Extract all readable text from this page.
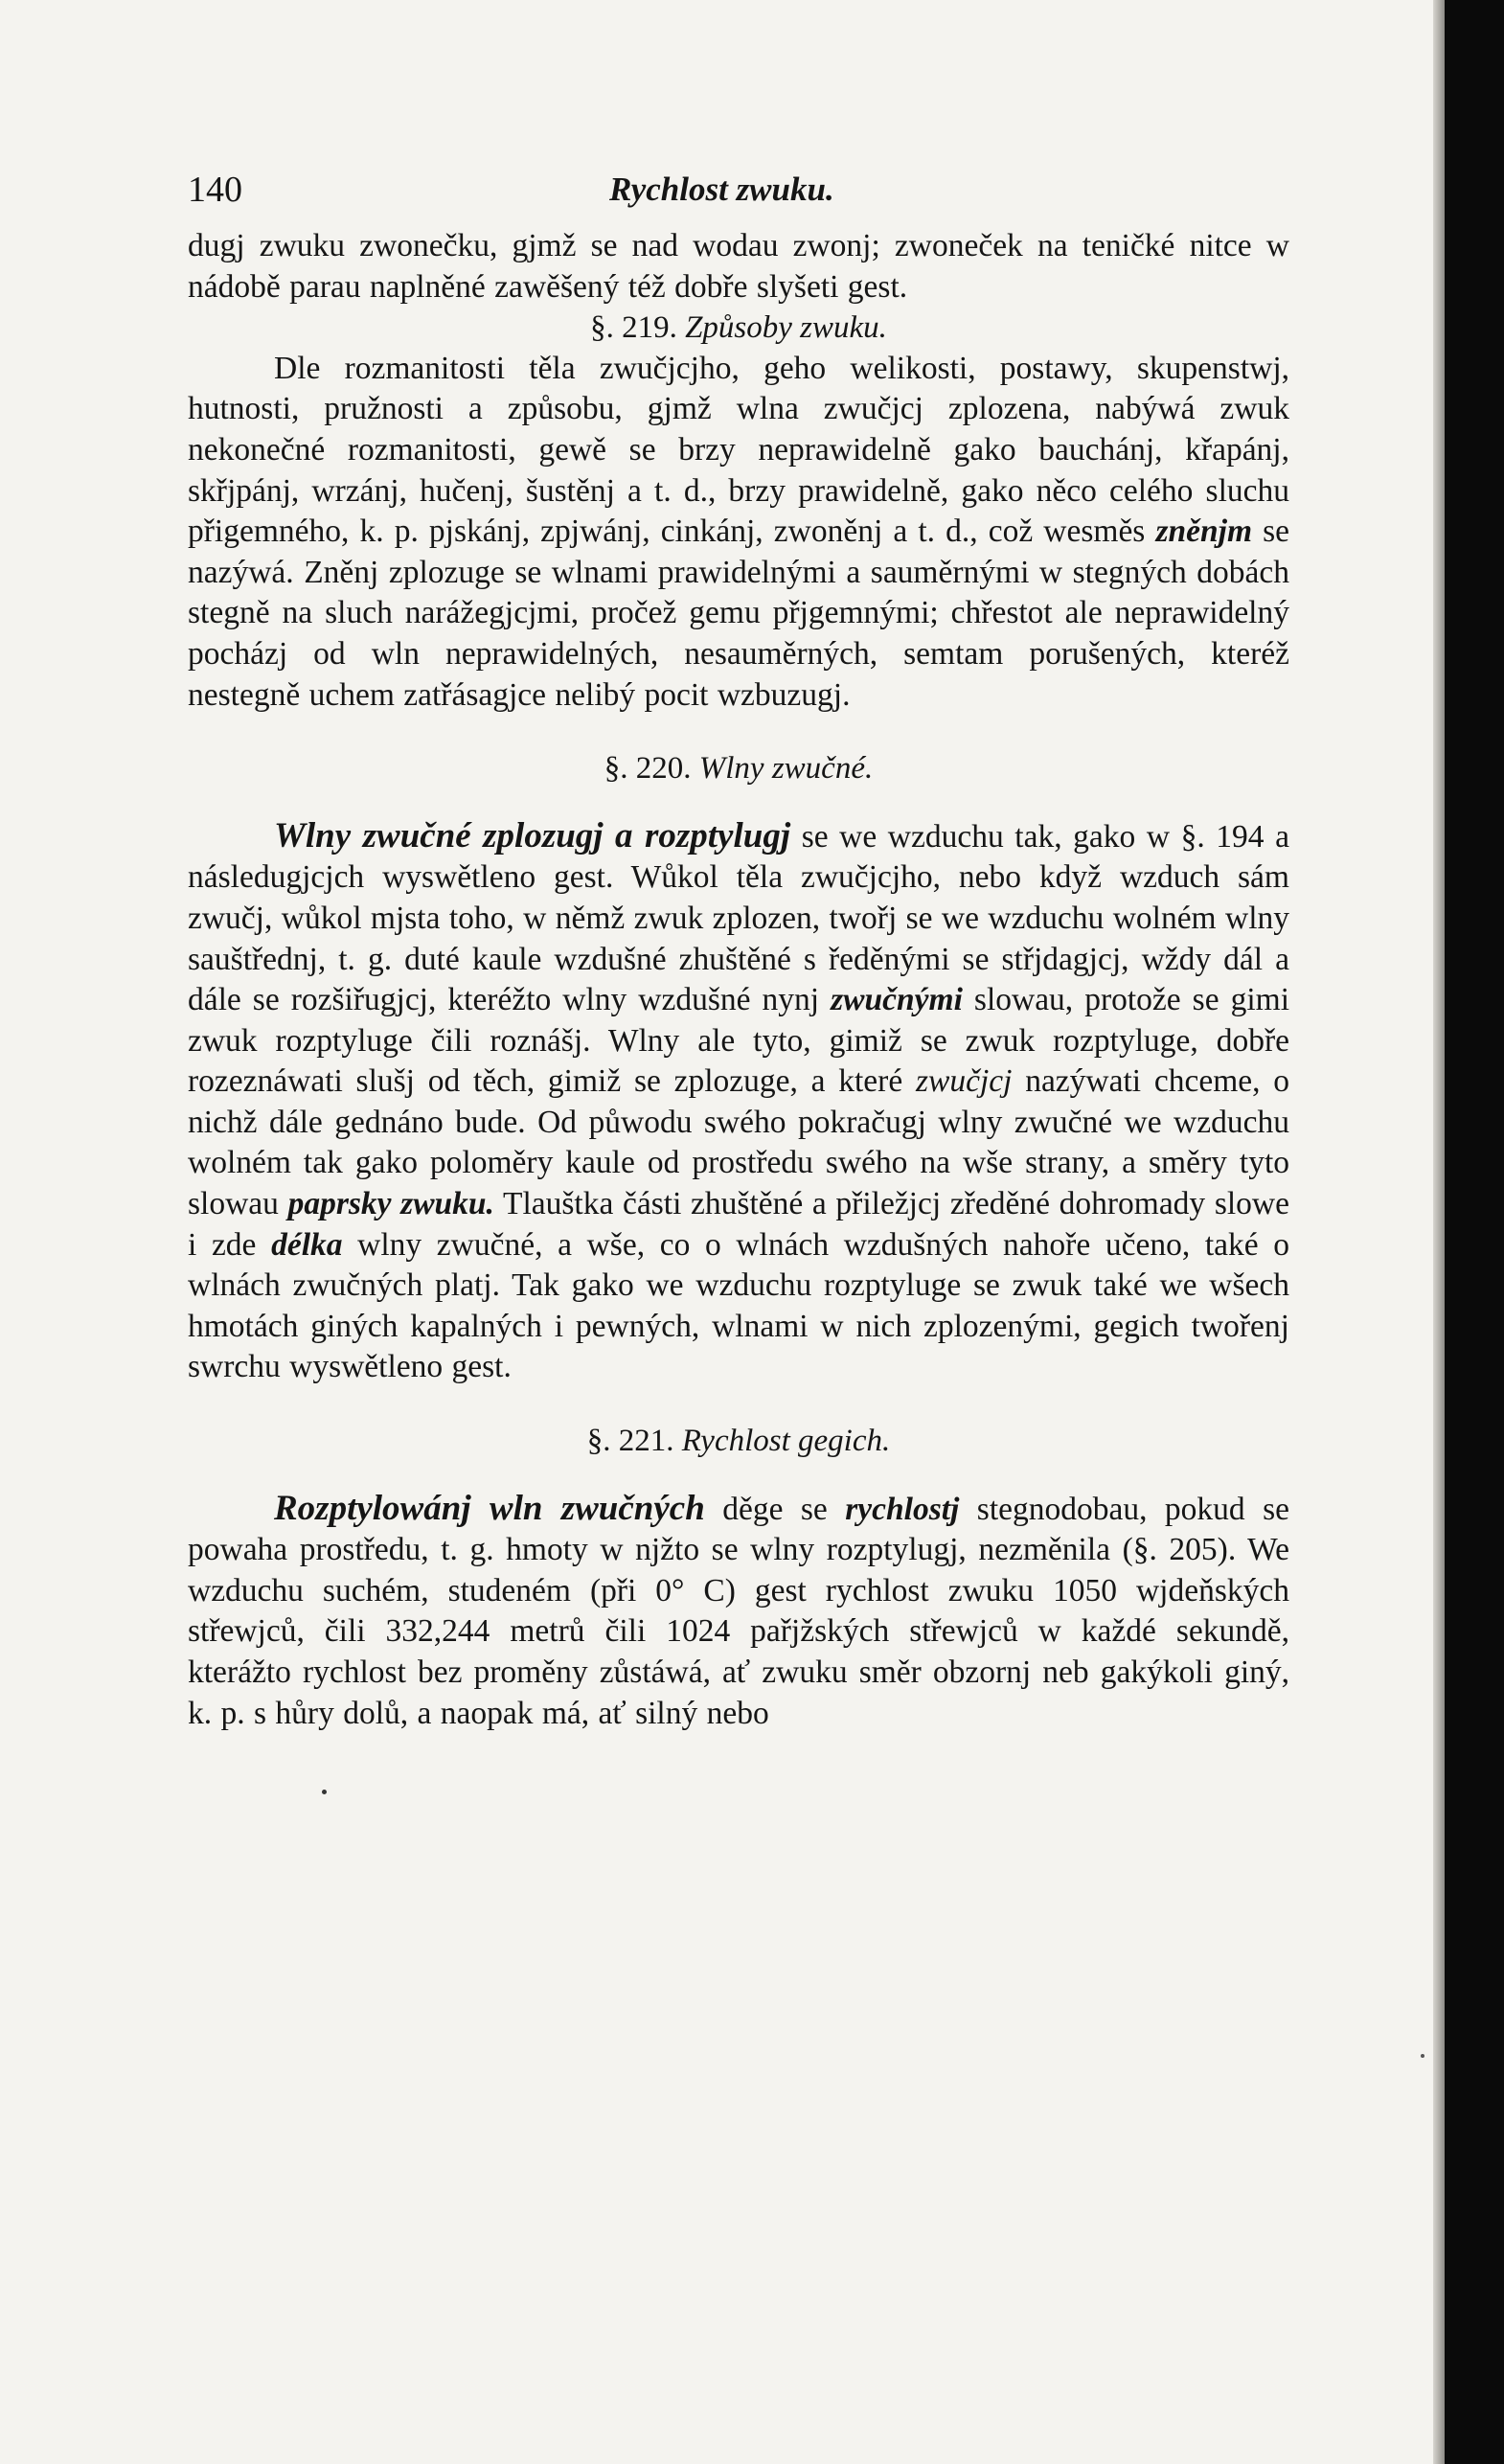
140	Rychlost zwuku.

dugj zwuku zwonečku, gjmž se nad wodau zwonj; zwoneček na teničké nitce w nádobě parau naplněné zawěšený též dobře slyšeti gest.

§. 219. Způsoby zwuku.

Dle rozmanitosti těla zwučjcjho, geho welikosti, postawy, skupenstwj, hutnosti, pružnosti a způsobu, gjmž wlna zwučjcj zplozena, nabýwá zwuk nekonečné rozmanitosti, gewě se brzy neprawidelně gako bauchánj, křapánj, skřjpánj, wrzánj, hučenj, šustěnj a t. d., brzy prawidelně, gako něco celého sluchu přigemného, k. p. pjskánj, zpjwánj, cinkánj, zwoněnj a t. d., což wesměs zněnjm se nazýwá. Zněnj zplozuge se wlnami prawidelnými a sauměrnými w stegných dobách stegně na sluch narážegjcjmi, pročež gemu přjgemnými; chřestot ale neprawidelný pocházj od wln neprawidelných, nesauměrných, semtam porušených, kteréž nestegně uchem zatřásagjce nelibý pocit wzbuzugj.

§. 220. Wlny zwučné.

Wlny zwučné zplozugj a rozptylugj se we wzduchu tak, gako w §. 194 a následugjcjch wyswětleno gest. Wůkol těla zwučjcjho, nebo když wzduch sám zwučj, wůkol mjsta toho, w němž zwuk zplozen, twořj se we wzduchu wolném wlny sauštřednj, t. g. duté kaule wzdušné zhuštěné s ředěnými se střjdagjcj, wždy dál a dále se rozšiřugjcj, kteréžto wlny wzdušné nynj zwučnými slowau, protože se gimi zwuk rozptyluge čili roznášj. Wlny ale tyto, gimiž se zwuk rozptyluge, dobře rozeznáwati slušj od těch, gimiž se zplozuge, a které zwučjcj nazýwati chceme, o nichž dále gednáno bude. Od půwodu swého pokračugj wlny zwučné we wzduchu wolném tak gako poloměry kaule od prostředu swého na wše strany, a směry tyto slowau paprsky zwuku. Tlauštka části zhuštěné a přiležjcj zředěné dohromady slowe i zde délka wlny zwučné, a wše, co o wlnách wzdušných nahoře učeno, také o wlnách zwučných platj. Tak gako we wzduchu rozptyluge se zwuk také we wšech hmotách giných kapalných i pewných, wlnami w nich zplozenými, gegich twořenj swrchu wyswětleno gest.

§. 221. Rychlost gegich.

Rozptylowánj wln zwučných děge se rychlostj stegnodobau, pokud se powaha prostředu, t. g. hmoty w njžto se wlny rozptylugj, nezměnila (§. 205). We wzduchu suchém, studeném (při 0° C) gest rychlost zwuku 1050 wjdeňských střewjců, čili 332,244 metrů čili 1024 pařjžských střewjců w každé sekundě, kterážto rychlost bez proměny zůstáwá, ať zwuku směr obzornj neb gakýkoli giný, k. p. s hůry dolů, a naopak má, ať silný nebo
